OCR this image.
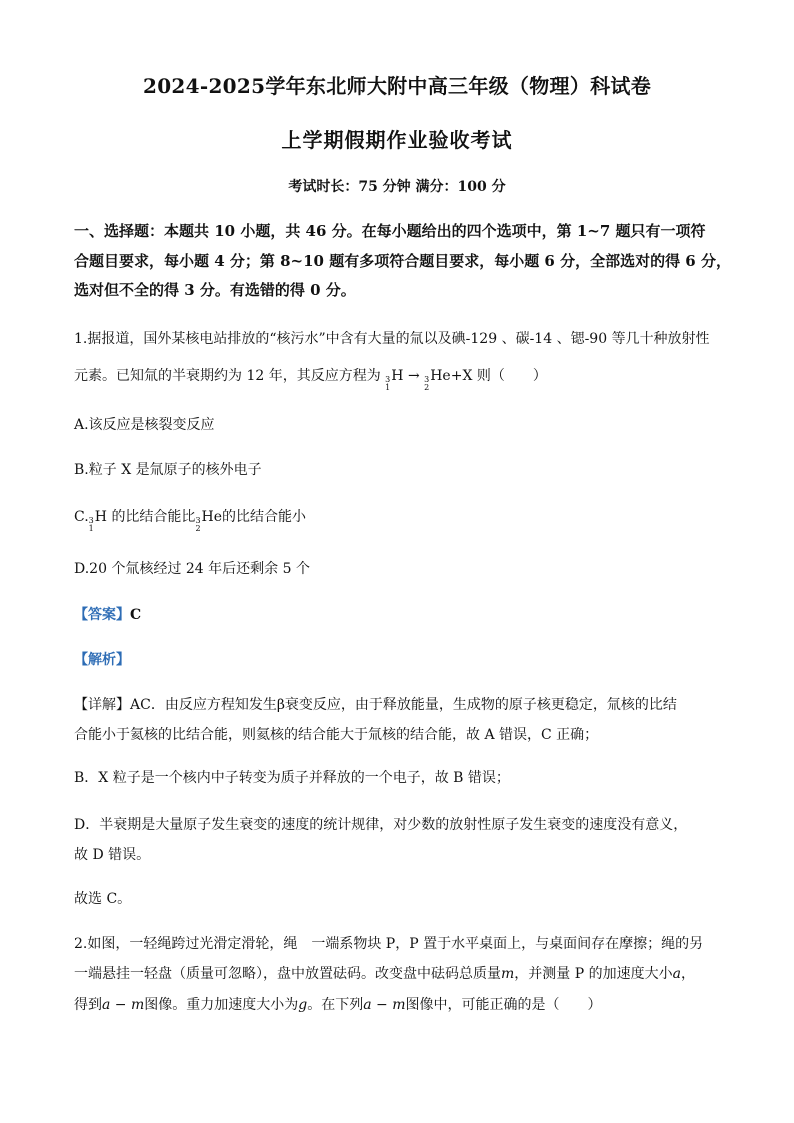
2024-2025学年东北师大附中高三年级（物理）科试卷
上学期假期作业验收考试
考试时长：75 分钟 满分：100 分
一、选择题：本题共 10 小题，共 46 分。在每小题给出的四个选项中，第 1~7 题只有一项符
合题目要求，每小题 4 分；第 8~10 题有多项符合题目要求，每小题 6 分，全部选对的得 6 分，
选对但不全的得 3 分。有选错的得 0 分。
1.据报道，国外某核电站排放的“核污水”中含有大量的氚以及碘-129 、碳-14 、锶-90 等几十种放射性
元素。已知氚的半衰期约为 12 年，其反应方程为 3
1
H → 3
2
He+X 则（　　）
A.该反应是核裂变反应
B.粒子 X 是氚原子的核外电子
C. 3
1
H 的比结合能比 3
2
He的比结合能小
D.20 个氚核经过 24 年后还剩余 5 个
【答案】C
【解析】
【详解】AC．由反应方程知发生β衰变反应，由于释放能量，生成物的原子核更稳定，氚核的比结
合能小于氦核的比结合能，则氦核的结合能大于氚核的结合能，故 A 错误，C 正确；
B．X 粒子是一个核内中子转变为质子并释放的一个电子，故 B 错误；
D．半衰期是大量原子发生衰变的速度的统计规律，对少数的放射性原子发生衰变的速度没有意义，
故 D 错误。
故选 C。
2.如图，一轻绳跨过光滑定滑轮，绳　一端系物块 P，P 置于水平桌面上，与桌面间存在摩擦；绳的另
一端悬挂一轻盘（质量可忽略），盘中放置砝码。改变盘中砝码总质量m，并测量 P 的加速度大小a，
得到a − m图像。重力加速度大小为g。在下列a − m图像中，可能正确的是（　　）
